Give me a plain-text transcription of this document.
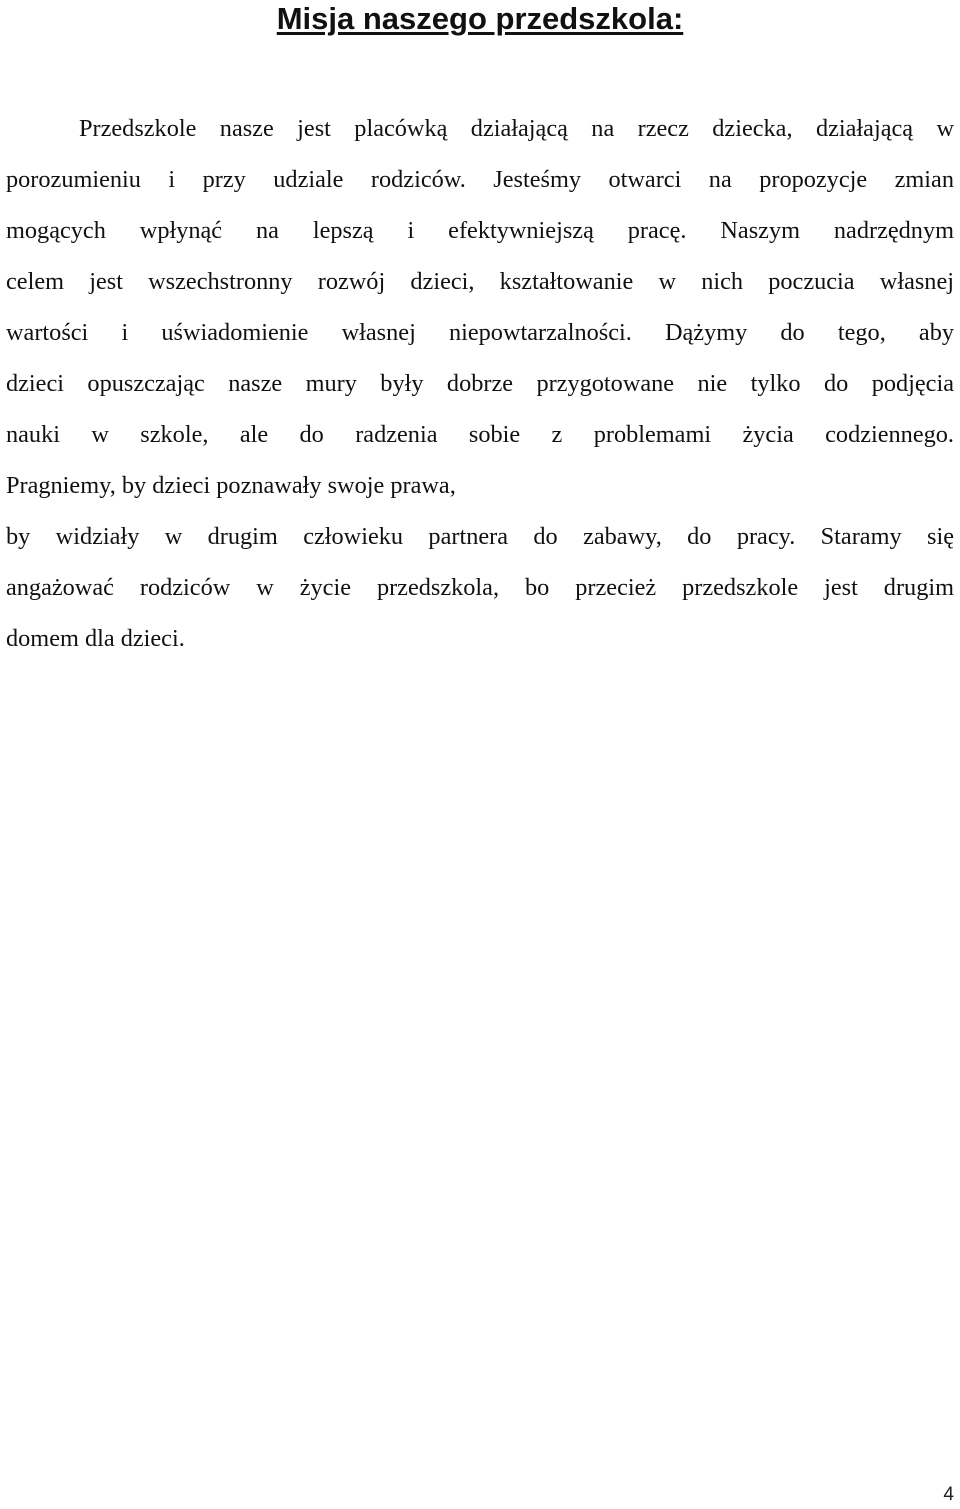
Misja naszego przedszkola:
Przedszkole nasze jest placówką działającą na rzecz dziecka, działającą w
porozumieniu i przy udziale rodziców. Jesteśmy otwarci na propozycje zmian
mogących wpłynąć na lepszą i efektywniejszą pracę. Naszym nadrzędnym
celem jest wszechstronny rozwój dzieci, kształtowanie w nich poczucia własnej
wartości i uświadomienie własnej niepowtarzalności. Dążymy do tego, aby
dzieci opuszczając nasze mury były dobrze przygotowane nie tylko do podjęcia
nauki w szkole, ale do radzenia sobie z problemami życia codziennego.
Pragniemy, by dzieci poznawały swoje prawa,
by widziały w drugim człowieku partnera do zabawy, do pracy. Staramy się
angażować rodziców w życie przedszkola, bo przecież przedszkole jest drugim
domem dla dzieci.
4
